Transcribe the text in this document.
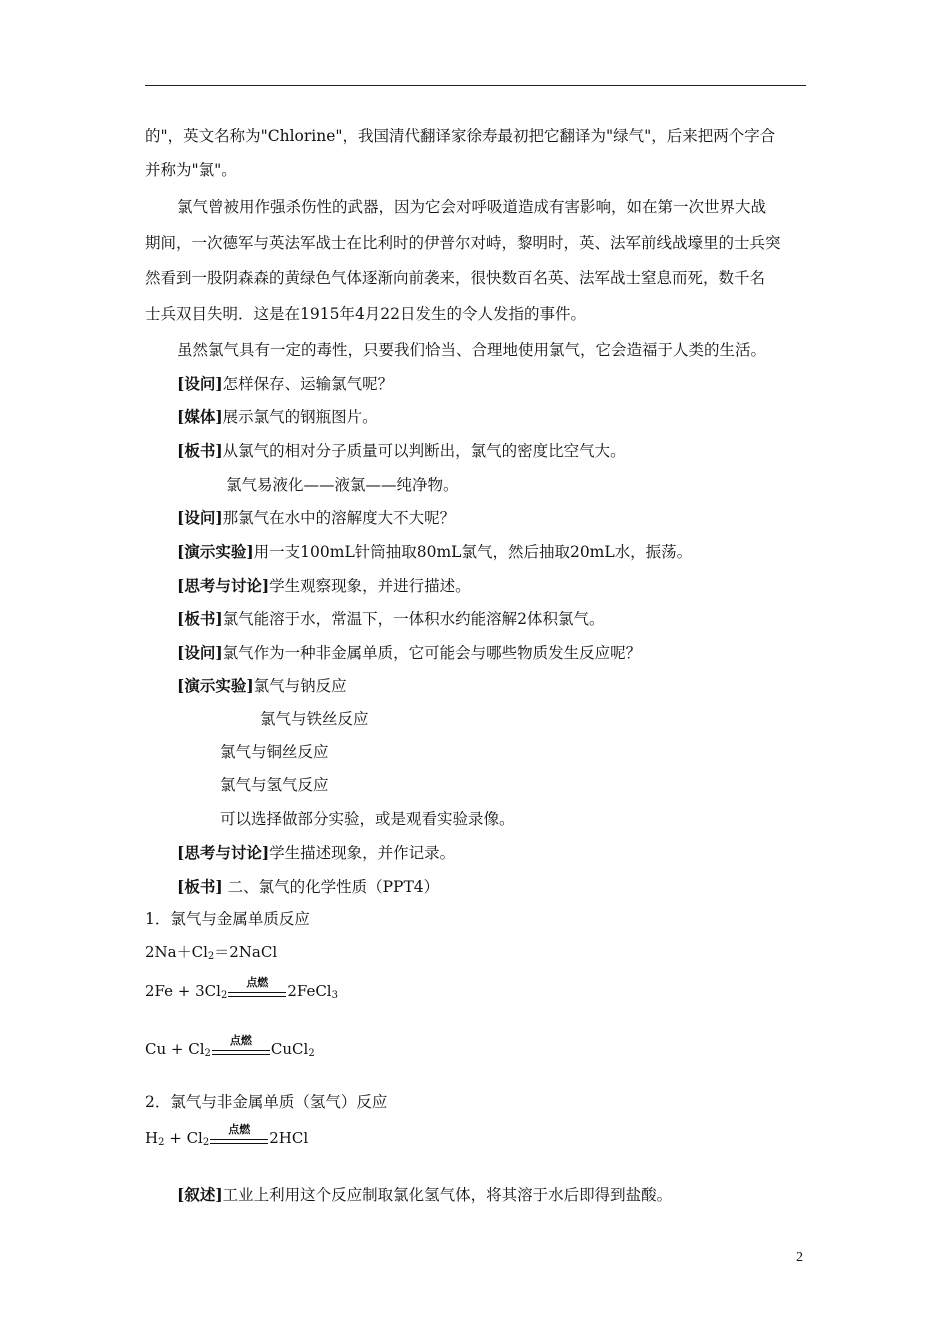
的"，英文名称为"Chlorine"，我国清代翻译家徐寿最初把它翻译为"绿气"，后来把两个字合
并称为"氯"。
氯气曾被用作强杀伤性的武器，因为它会对呼吸道造成有害影响，如在第一次世界大战
期间，一次德军与英法军战士在比利时的伊普尔对峙，黎明时，英、法军前线战壕里的士兵突
然看到一股阴森森的黄绿色气体逐渐向前袭来，很快数百名英、法军战士窒息而死，数千名
士兵双目失明．这是在1915年4月22日发生的令人发指的事件。
虽然氯气具有一定的毒性，只要我们恰当、合理地使用氯气，它会造福于人类的生活。
[设问]怎样保存、运输氯气呢？
[媒体]展示氯气的钢瓶图片。
[板书]从氯气的相对分子质量可以判断出，氯气的密度比空气大。
氯气易液化——液氯——纯净物。
[设问]那氯气在水中的溶解度大不大呢？
[演示实验]用一支100mL针筒抽取80mL氯气，然后抽取20mL水，振荡。
[思考与讨论]学生观察现象，并进行描述。
[板书]氯气能溶于水，常温下，一体积水约能溶解2体积氯气。
[设问]氯气作为一种非金属单质，它可能会与哪些物质发生反应呢？
[演示实验]氯气与钠反应
氯气与铁丝反应
氯气与铜丝反应
氯气与氢气反应
可以选择做部分实验，或是观看实验录像。
[思考与讨论]学生描述现象，并作记录。
[板书] 二、氯气的化学性质（PPT4）
1．氯气与金属单质反应
$2Na+Cl_2=2NaCl$
$2Fe + 3Cl_2$
点燃	2FeCl$_3$
$Cu + Cl_2$
点燃	CuCl$_2$
2．氯气与非金属单质（氢气）反应
$H_2 + Cl_2$
点燃	2HCl
[叙述]工业上利用这个反应制取氯化氢气体，将其溶于水后即得到盐酸。
2
